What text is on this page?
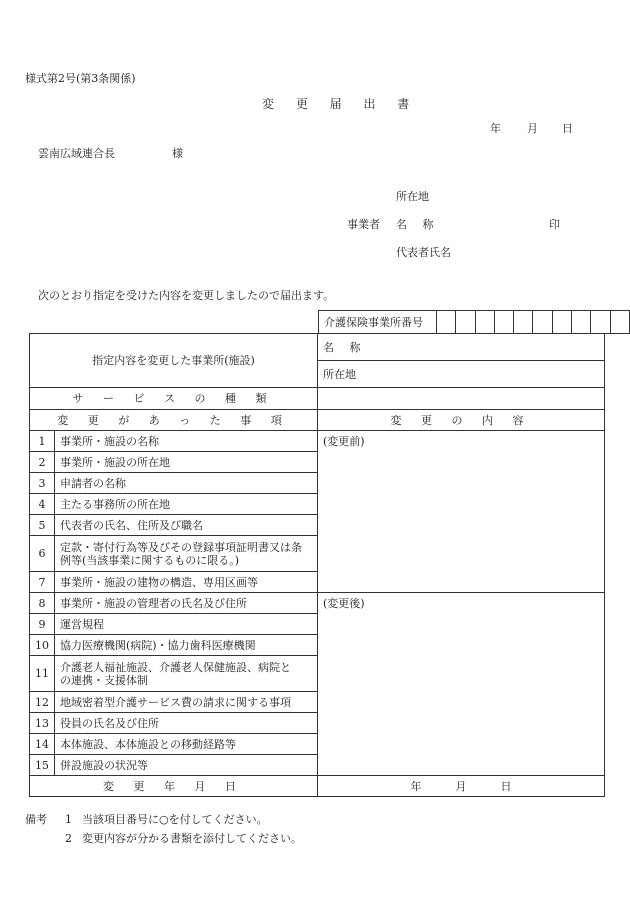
様式第2号(第3条関係)
変 更 届 出 書
年 月 日
雲南広域連合長	様
所在地
事業者 名 称	印
代表者氏名
次のとおり指定を受けた内容を変更しましたので届出ます。
介護保険事業所番号										
指定内容を変更した事業所(施設)		名 称
		所在地
サ ー ビ ス の 種 類		
変 更 が あ っ た 事 項		変 更 の 内 容
1	事業所・施設の名称	(変更前)
2	事業所・施設の所在地	
3	申請者の名称	
4	主たる事務所の所在地	
5	代表者の氏名、住所及び職名	
6	定款・寄付行為等及びその登録事項証明書又は条
例等(当該事業に関するものに限る。)	

7	事業所・施設の建物の構造、専用区画等	
8	事業所・施設の管理者の氏名及び住所	(変更後)
9	運営規程	
10	協力医療機関(病院)・協力歯科医療機関	
11	介護老人福祉施設、介護老人保健施設、病院と
の連携・支援体制	

12	地域密着型介護サービス費の請求に関する事項	
13	役員の氏名及び住所	
14	本体施設、本体施設との移動経路等	
15	併設施設の状況等	
変 更 年 月 日		年 月 日
備考 1 当該項目番号に○を付してください。
2 変更内容が分かる書類を添付してください。
